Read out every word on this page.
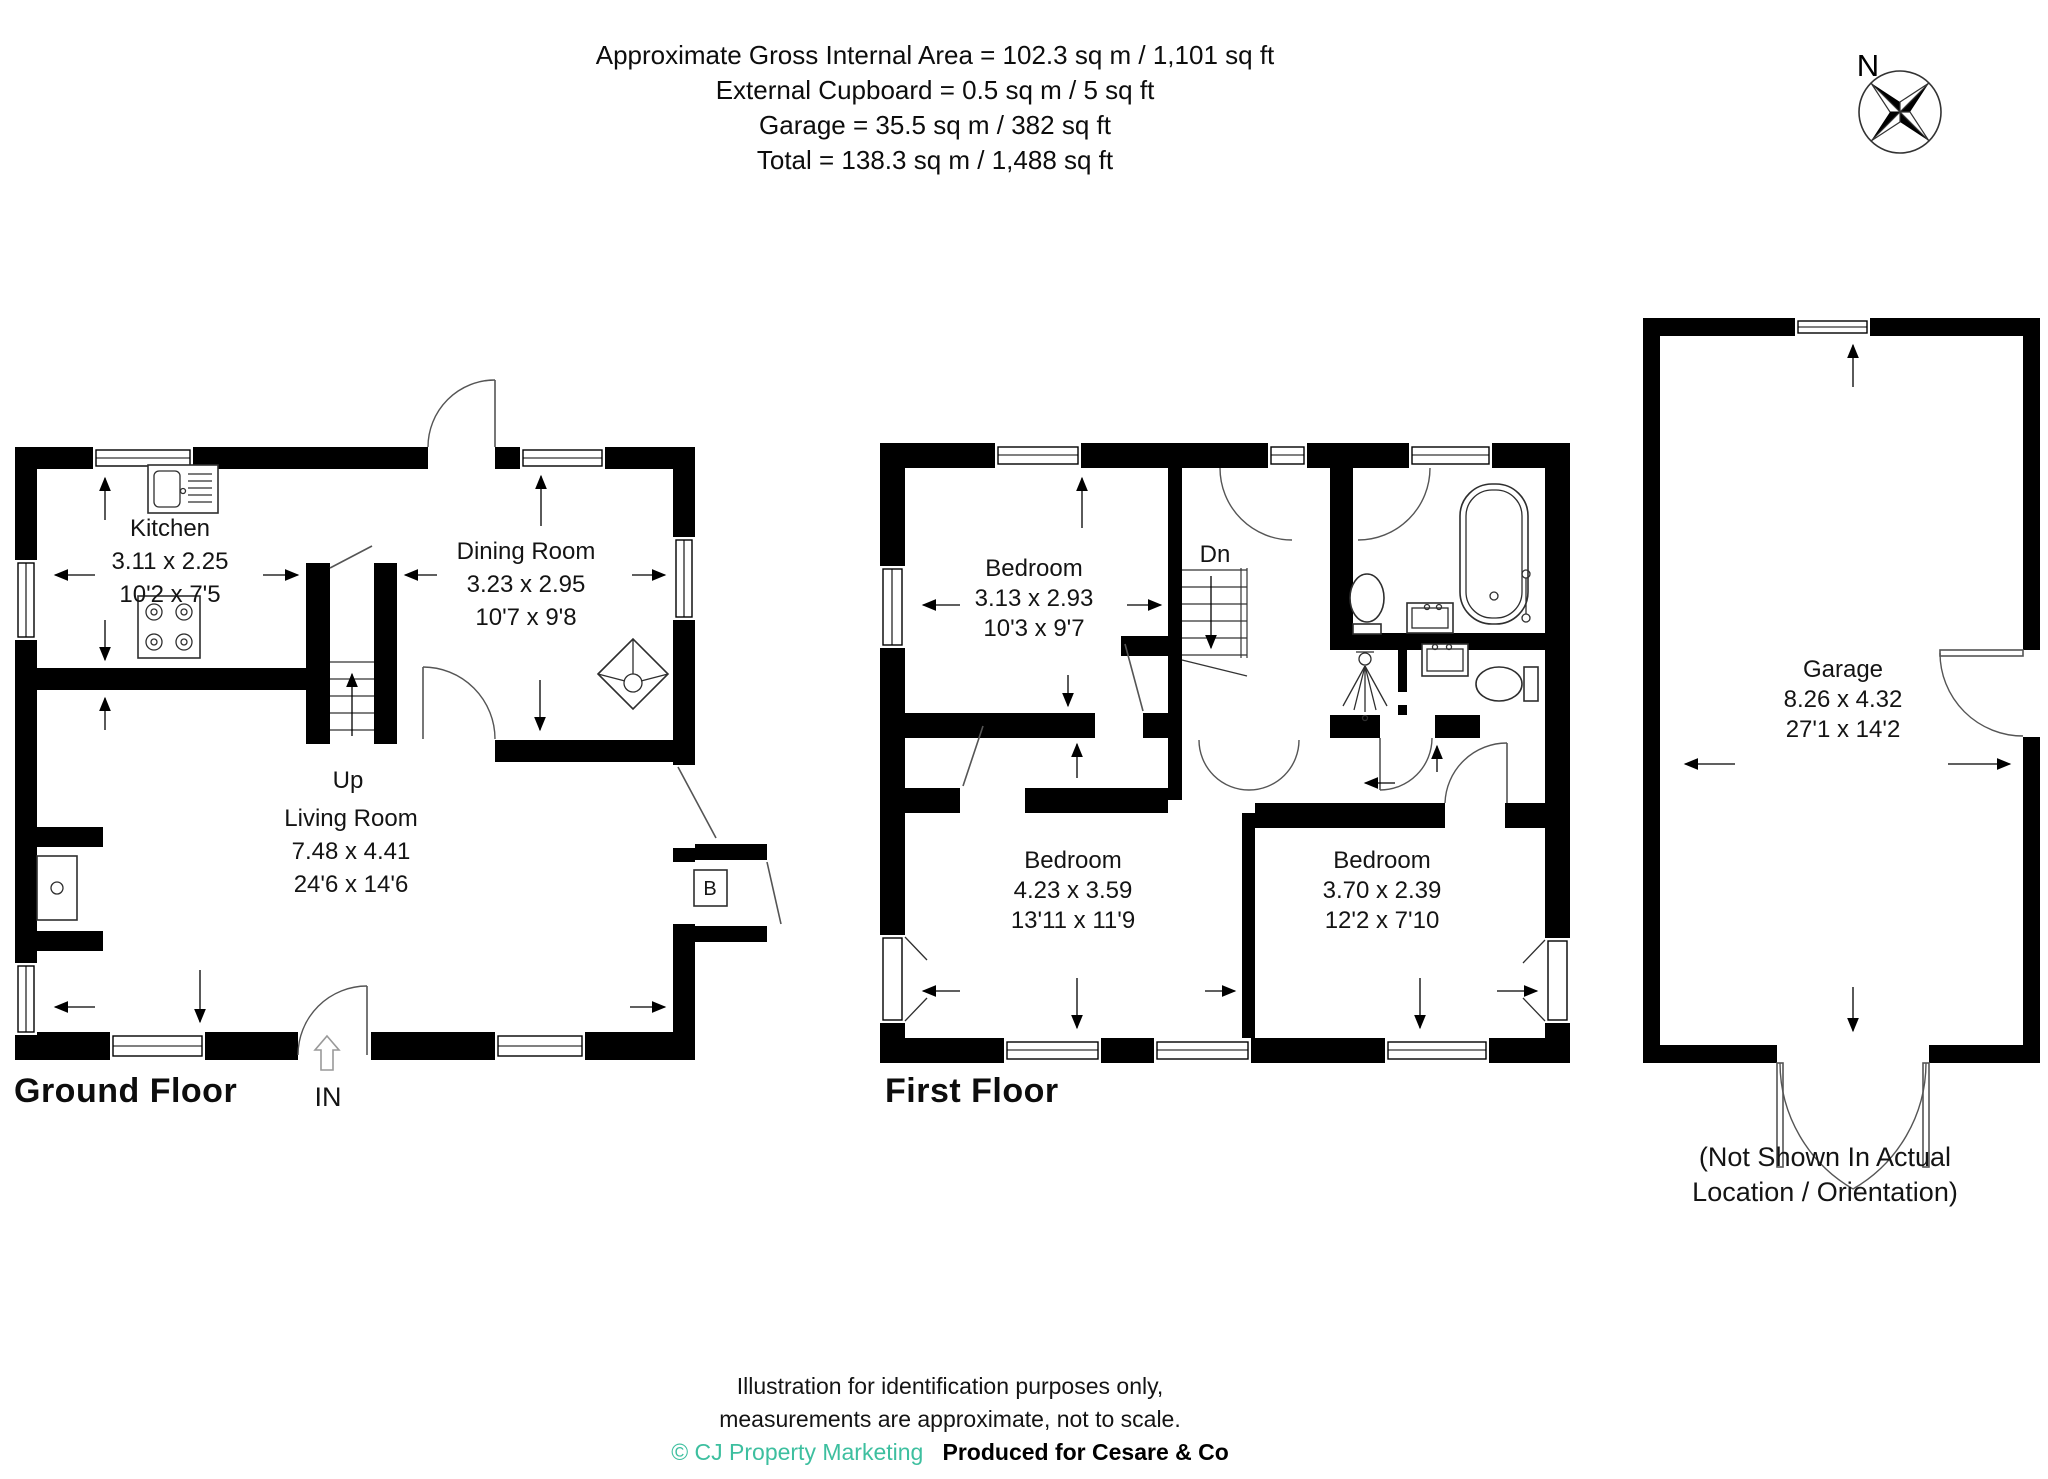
Approximate Gross Internal Area = 102.3 sq m / 1,101 sq ft
External Cupboard = 0.5 sq m / 5 sq ft
Garage = 35.5 sq m / 382 sq ft
Total = 138.3 sq m / 1,488 sq ft
N
B
Kitchen
3.11 x 2.25
10'2 x 7'5
Dining Room
3.23 x 2.95
10'7 x 9'8
Living Room
7.48 x 4.41
24'6 x 14'6
Up
IN
Ground Floor
Bedroom
3.13 x 2.93
10'3 x 9'7
Bedroom
4.23 x 3.59
13'11 x 11'9
Bedroom
3.70 x 2.39
12'2 x 7'10
Dn
First Floor
Garage
8.26 x 4.32
27'1 x 14'2
(Not Shown In Actual
Location / Orientation)
Illustration for identification purposes only,
measurements are approximate, not to scale.
© CJ Property Marketing Produced for Cesare & Co
